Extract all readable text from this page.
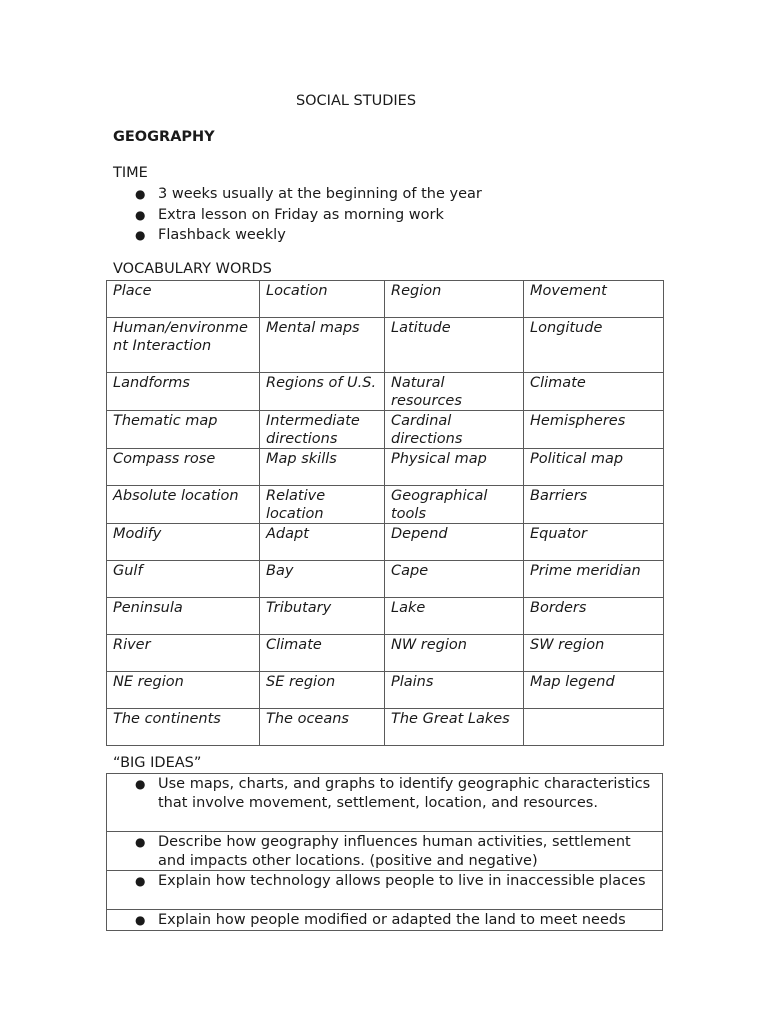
SOCIAL STUDIES
GEOGRAPHY
TIME
● 3 weeks usually at the beginning of the year
● Extra lesson on Friday as morning work
● Flashback weekly
VOCABULARY WORDS
Place	Location	Region	Movement
Human/environment Interaction	Mental maps	Latitude	Longitude
Landforms	Regions of U.S.	Natural resources	Climate
Thematic map	Intermediate directions	Cardinal directions	Hemispheres
Compass rose	Map skills	Physical map	Political map
Absolute location	Relative location	Geographical tools	Barriers
Modify	Adapt	Depend	Equator
Gulf	Bay	Cape	Prime meridian
Peninsula	Tributary	Lake	Borders
River	Climate	NW region	SW region
NE region	SE region	Plains	Map legend
The continents	The oceans	The Great Lakes	
“BIG IDEAS”
● Use maps, charts, and graphs to identify geographic characteristics that involve movement, settlement, location, and resources.

● Describe how geography influences human activities, settlement and impacts other locations. (positive and negative)

● Explain how technology allows people to live in inaccessible places

● Explain how people modified or adapted the land to meet needs
